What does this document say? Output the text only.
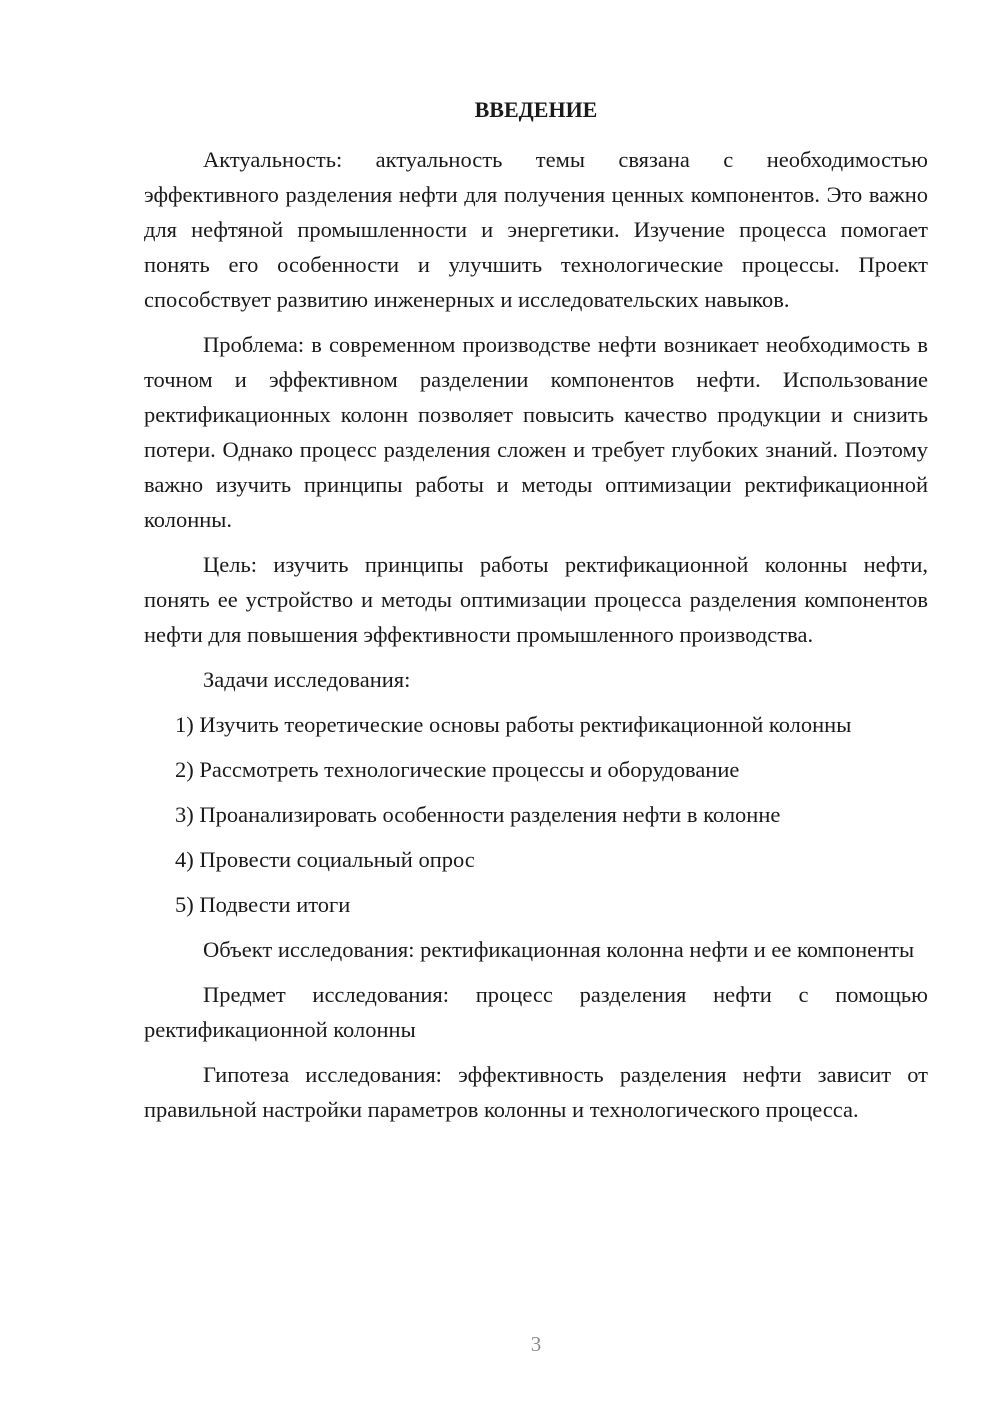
ВВЕДЕНИЕ

Актуальность: актуальность темы связана с необходимостью эффективного разделения нефти для получения ценных компонентов. Это важно для нефтяной промышленности и энергетики. Изучение процесса помогает понять его особенности и улучшить технологические процессы. Проект способствует развитию инженерных и исследовательских навыков.

Проблема: в современном производстве нефти возникает необходимость в точном и эффективном разделении компонентов нефти. Использование ректификационных колонн позволяет повысить качество продукции и снизить потери. Однако процесс разделения сложен и требует глубоких знаний. Поэтому важно изучить принципы работы и методы оптимизации ректификационной колонны.

Цель: изучить принципы работы ректификационной колонны нефти, понять ее устройство и методы оптимизации процесса разделения компонентов нефти для повышения эффективности промышленного производства.

Задачи исследования:

1) Изучить теоретические основы работы ректификационной колонны
2) Рассмотреть технологические процессы и оборудование
3) Проанализировать особенности разделения нефти в колонне
4) Провести социальный опрос
5) Подвести итоги

Объект исследования: ректификационная колонна нефти и ее компоненты

Предмет исследования: процесс разделения нефти с помощью ректификационной колонны

Гипотеза исследования: эффективность разделения нефти зависит от правильной настройки параметров колонны и технологического процесса.

3
